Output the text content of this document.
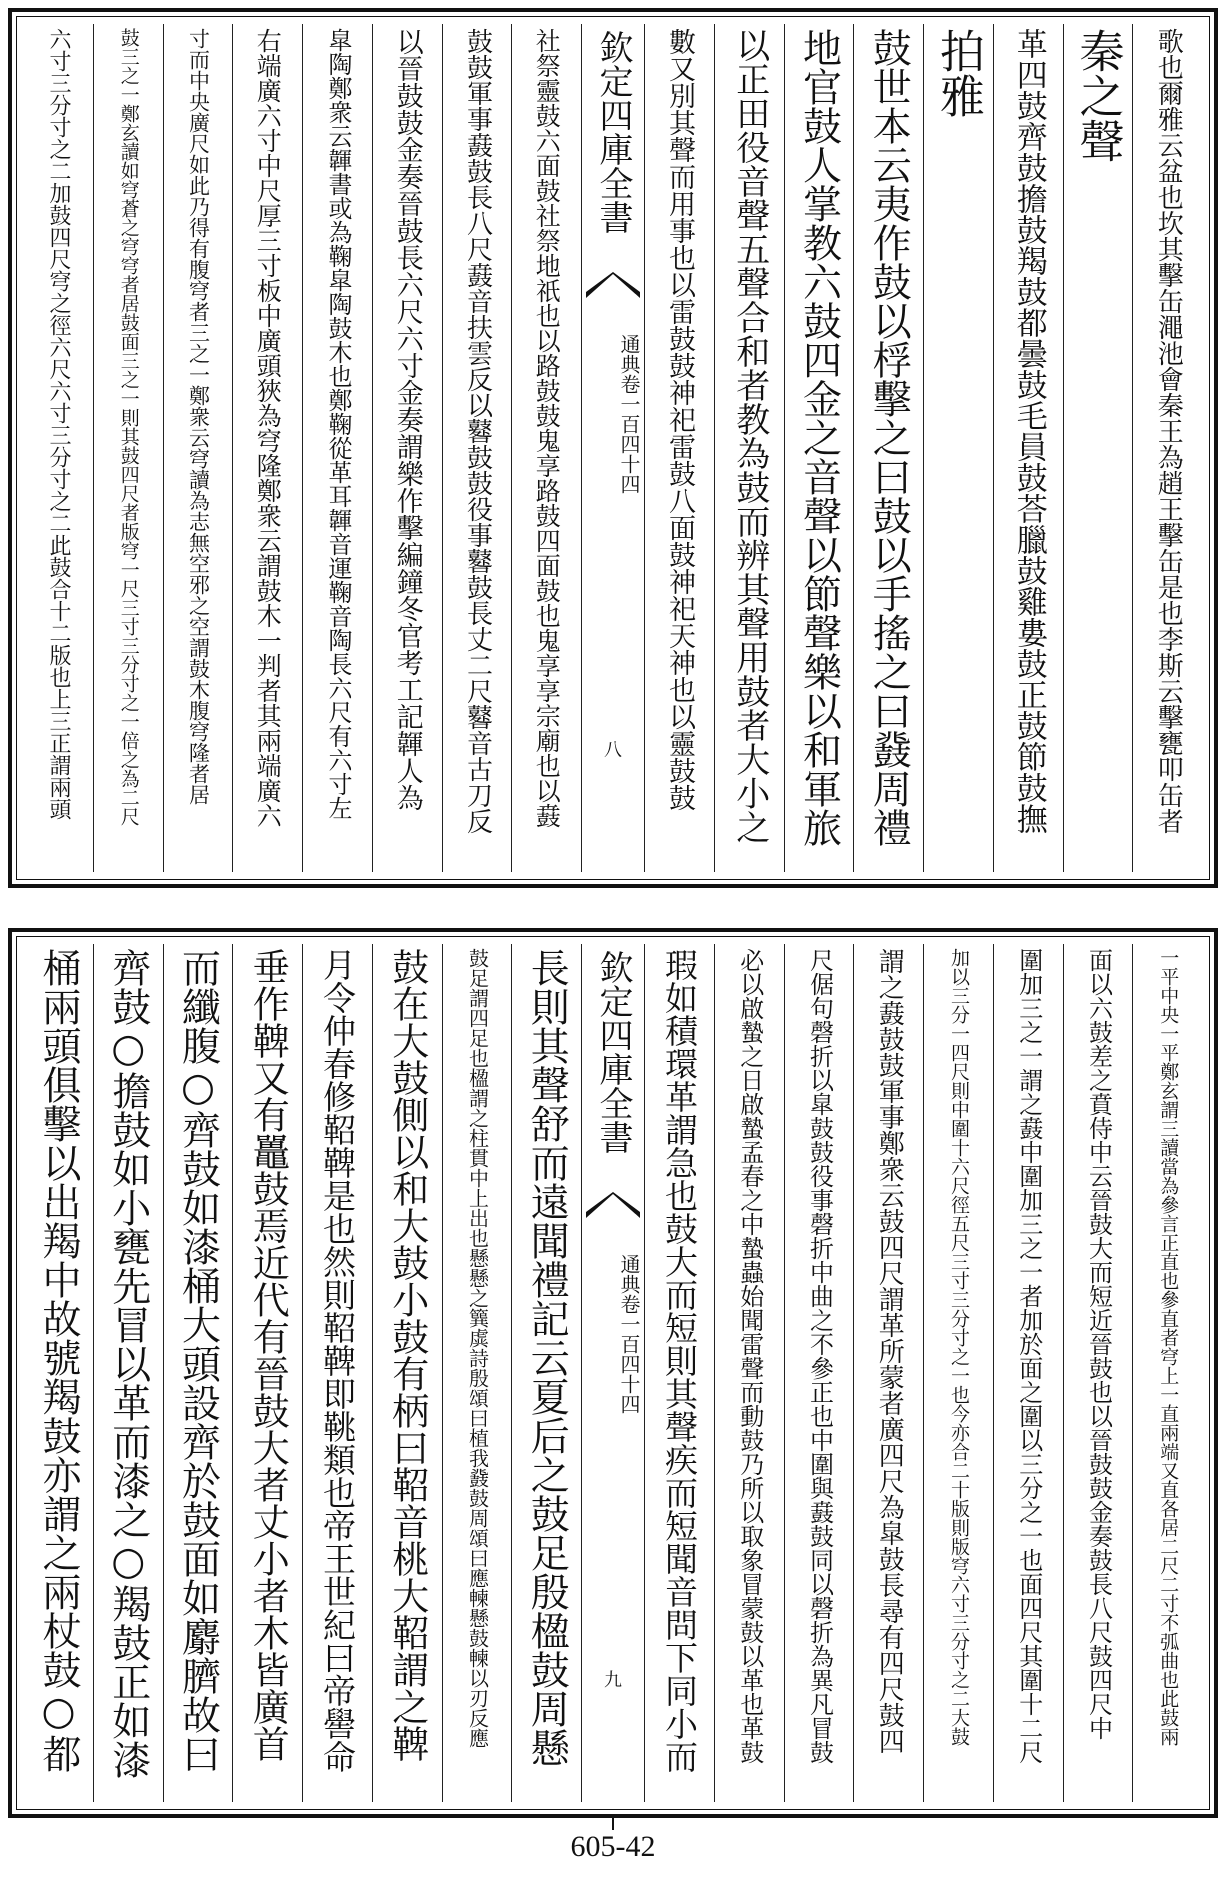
歌也爾雅云盆也坎其擊缶澠池會秦王為趙王擊缶是也李斯云擊甕叩缶者
秦之聲
革四鼓齊鼓擔鼓羯鼓都曇鼓毛員鼓荅臘鼓雞婁鼓正鼓節鼓撫
拍雅
鼓世本云夷作鼓以桴擊之曰鼓以手搖之曰鼗周禮
地官鼓人掌教六鼓四金之音聲以節聲樂以和軍旅
以正田役音聲五聲合和者教為鼓而辨其聲用鼓者大小之
數又別其聲而用事也以雷鼓鼓神祀雷鼓八面鼓神祀天神也以靈鼓鼓
欽定四庫全書
通典卷一百四十四
八
社祭靈鼓六面鼓社祭地祇也以路鼓鼓鬼享路鼓四面鼓也鬼享享宗廟也以鼖
鼓鼓軍事鼖鼓長八尺鼖音扶雲反以鼛鼓鼓役事鼛鼓長丈二尺鼛音古刀反
以晉鼓鼓金奏晉鼓長六尺六寸金奏謂樂作擊編鐘冬官考工記韗人為
皐陶鄭衆云韗書或為鞠皐陶鼓木也鄭鞠從革耳韗音運鞠音陶長六尺有六寸左
右端廣六寸中尺厚三寸板中廣頭狹為穹隆鄭衆云謂鼓木一判者其兩端廣六
寸而中央廣尺如此乃得有腹穹者三之一鄭衆云穹讀為志無空邪之空謂鼓木腹穹隆者居
鼓三之一鄭玄讀如穹蒼之穹穹者居鼓面三之一則其鼓四尺者版穹一尺三寸三分寸之一倍之為二尺
六寸三分寸之二加鼓四尺穹之徑六尺六寸三分寸之二此鼓合十二版也上三正謂兩頭
一平中央一平鄭玄謂三讀當為參言正直也參直者穹上一直兩端又直各居二尺二寸不弧曲也此鼓兩
面以六鼓差之賁侍中云晉鼓大而短近晉鼓也以晉鼓鼓金奏鼓長八尺鼓四尺中
圍加三之一謂之鼖中圍加三之一者加於面之圍以三分之一也面四尺其圍十二尺
加以三分一四尺則中圍十六尺徑五尺三寸三分寸之一也今亦合二十版則版穹六寸三分寸之二大鼓
謂之鼖鼓鼓軍事鄭衆云鼓四尺謂革所蒙者廣四尺為皐鼓長尋有四尺鼓四
尺倨句磬折以皐鼓鼓役事磬折中曲之不參正也中圍與鼖鼓同以磬折為異凡冒鼓
必以啟蟄之日啟蟄孟春之中蟄蟲始聞雷聲而動鼓乃所以取象冒蒙鼓以革也革鼓
瑕如積環革謂急也鼓大而短則其聲疾而短聞音問下同小而
欽定四庫全書
通典卷一百四十四
九
長則其聲舒而遠聞禮記云夏后之鼓足殷楹鼓周懸
鼓足謂四足也楹謂之柱貫中上出也懸懸之簨虡詩殷頌曰植我鼗鼓周頌曰應朄懸鼓朄以刃反應
鼓在大鼓側以和大鼓小鼓有柄曰鞀音桃大鞀謂之鞞
月令仲春修鞀鞞是也然則鞀鞞即鞉類也帝王世紀曰帝嚳命
垂作鞞又有鼉鼓焉近代有晉鼓大者丈小者木皆廣首
而纖腹○齊鼓如漆桶大頭設齊於鼓面如麝臍故曰
齊鼓○擔鼓如小甕先冒以革而漆之○羯鼓正如漆
桶兩頭俱擊以出羯中故號羯鼓亦謂之兩杖鼓○都
605-42
